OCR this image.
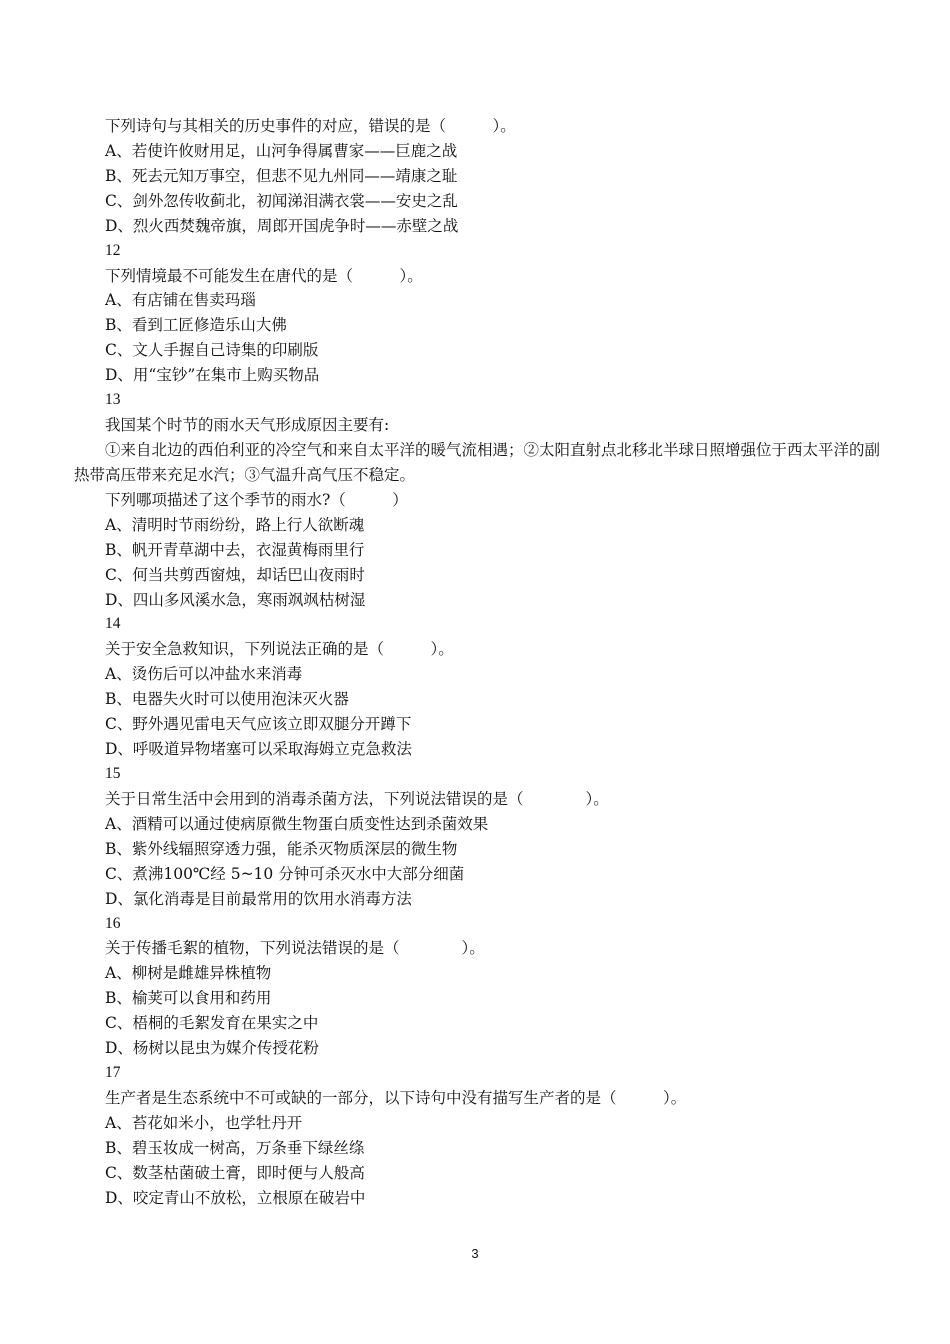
下列诗句与其相关的历史事件的对应，错误的是（　　　）。
A、若使许攸财用足，山河争得属曹家——巨鹿之战
B、死去元知万事空，但悲不见九州同——靖康之耻
C、剑外忽传收蓟北，初闻涕泪满衣裳——安史之乱
D、烈火西焚魏帝旗，周郎开国虎争时——赤壁之战
12
下列情境最不可能发生在唐代的是（　　　）。
A、有店铺在售卖玛瑙
B、看到工匠修造乐山大佛
C、文人手握自己诗集的印刷版
D、用“宝钞”在集市上购买物品
13
我国某个时节的雨水天气形成原因主要有:
①来自北边的西伯利亚的冷空气和来自太平洋的暖气流相遇；②太阳直射点北移北半球日照增强位于西太平洋的副热带高压带来充足水汽；③气温升高气压不稳定。
下列哪项描述了这个季节的雨水?（　　　）
A、清明时节雨纷纷，路上行人欲断魂
B、帆开青草湖中去，衣湿黄梅雨里行
C、何当共剪西窗烛，却话巴山夜雨时
D、四山多风溪水急，寒雨飒飒枯树湿
14
关于安全急救知识，下列说法正确的是（　　　）。
A、烫伤后可以冲盐水来消毒
B、电器失火时可以使用泡沫灭火器
C、野外遇见雷电天气应该立即双腿分开蹲下
D、呼吸道异物堵塞可以采取海姆立克急救法
15
关于日常生活中会用到的消毒杀菌方法，下列说法错误的是（　　　　）。
A、酒精可以通过使病原微生物蛋白质变性达到杀菌效果
B、紫外线辐照穿透力强，能杀灭物质深层的微生物
C、煮沸100℃经 5~10 分钟可杀灭水中大部分细菌
D、氯化消毒是目前最常用的饮用水消毒方法
16
关于传播毛絮的植物，下列说法错误的是（　　　　）。
A、柳树是雌雄异株植物
B、榆荚可以食用和药用
C、梧桐的毛絮发育在果实之中
D、杨树以昆虫为媒介传授花粉
17
生产者是生态系统中不可或缺的一部分，以下诗句中没有描写生产者的是（　　　）。
A、苔花如米小，也学牡丹开
B、碧玉妆成一树高，万条垂下绿丝绦
C、数茎枯菌破土膏，即时便与人般高
D、咬定青山不放松，立根原在破岩中
3
